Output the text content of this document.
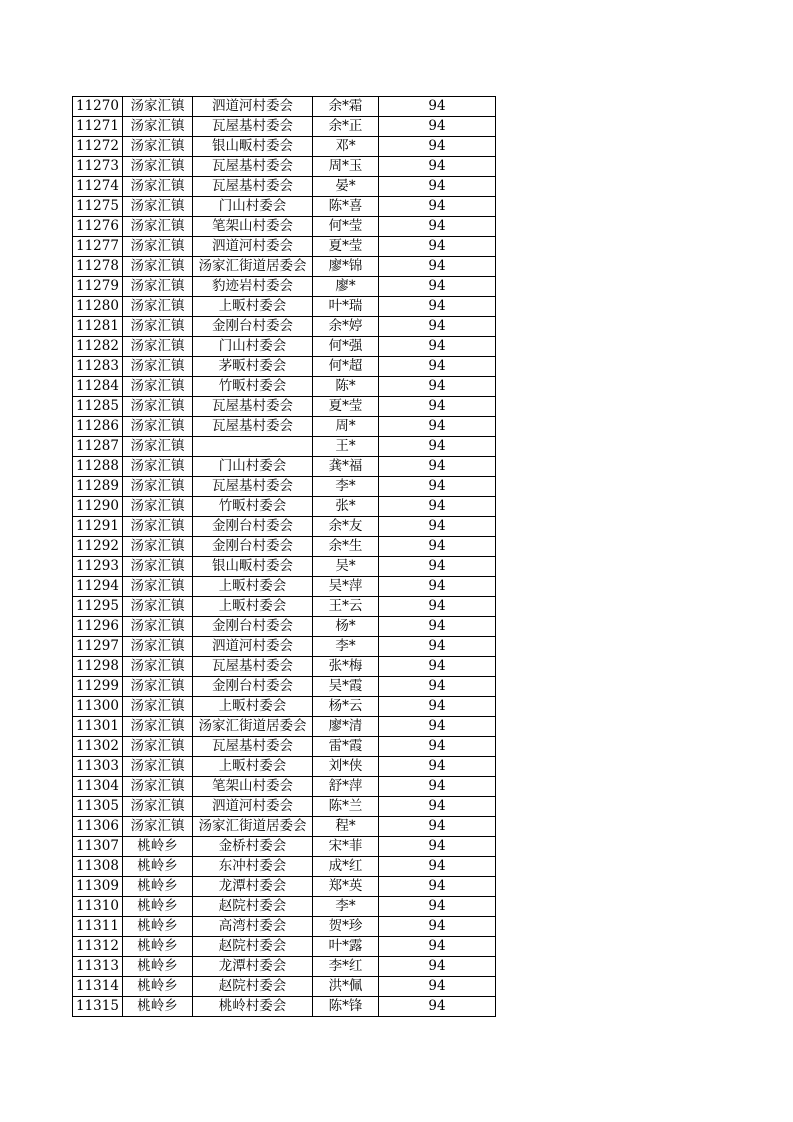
11270	汤家汇镇	泗道河村委会	余*霜	94
11271	汤家汇镇	瓦屋基村委会	余*正	94
11272	汤家汇镇	银山畈村委会	邓*	94
11273	汤家汇镇	瓦屋基村委会	周*玉	94
11274	汤家汇镇	瓦屋基村委会	晏*	94
11275	汤家汇镇	门山村委会	陈*喜	94
11276	汤家汇镇	笔架山村委会	何*莹	94
11277	汤家汇镇	泗道河村委会	夏*莹	94
11278	汤家汇镇	汤家汇街道居委会	廖*锦	94
11279	汤家汇镇	豹迹岩村委会	廖*	94
11280	汤家汇镇	上畈村委会	叶*瑞	94
11281	汤家汇镇	金刚台村委会	余*婷	94
11282	汤家汇镇	门山村委会	何*强	94
11283	汤家汇镇	茅畈村委会	何*超	94
11284	汤家汇镇	竹畈村委会	陈*	94
11285	汤家汇镇	瓦屋基村委会	夏*莹	94
11286	汤家汇镇	瓦屋基村委会	周*	94
11287	汤家汇镇		王*	94
11288	汤家汇镇	门山村委会	龚*福	94
11289	汤家汇镇	瓦屋基村委会	李*	94
11290	汤家汇镇	竹畈村委会	张*	94
11291	汤家汇镇	金刚台村委会	余*友	94
11292	汤家汇镇	金刚台村委会	余*生	94
11293	汤家汇镇	银山畈村委会	吴*	94
11294	汤家汇镇	上畈村委会	吴*萍	94
11295	汤家汇镇	上畈村委会	王*云	94
11296	汤家汇镇	金刚台村委会	杨*	94
11297	汤家汇镇	泗道河村委会	李*	94
11298	汤家汇镇	瓦屋基村委会	张*梅	94
11299	汤家汇镇	金刚台村委会	吴*霞	94
11300	汤家汇镇	上畈村委会	杨*云	94
11301	汤家汇镇	汤家汇街道居委会	廖*清	94
11302	汤家汇镇	瓦屋基村委会	雷*霞	94
11303	汤家汇镇	上畈村委会	刘*侠	94
11304	汤家汇镇	笔架山村委会	舒*萍	94
11305	汤家汇镇	泗道河村委会	陈*兰	94
11306	汤家汇镇	汤家汇街道居委会	程*	94
11307	桃岭乡	金桥村委会	宋*菲	94
11308	桃岭乡	东冲村委会	成*红	94
11309	桃岭乡	龙潭村委会	郑*英	94
11310	桃岭乡	赵院村委会	李*	94
11311	桃岭乡	高湾村委会	贺*珍	94
11312	桃岭乡	赵院村委会	叶*露	94
11313	桃岭乡	龙潭村委会	李*红	94
11314	桃岭乡	赵院村委会	洪*佩	94
11315	桃岭乡	桃岭村委会	陈*锋	94
